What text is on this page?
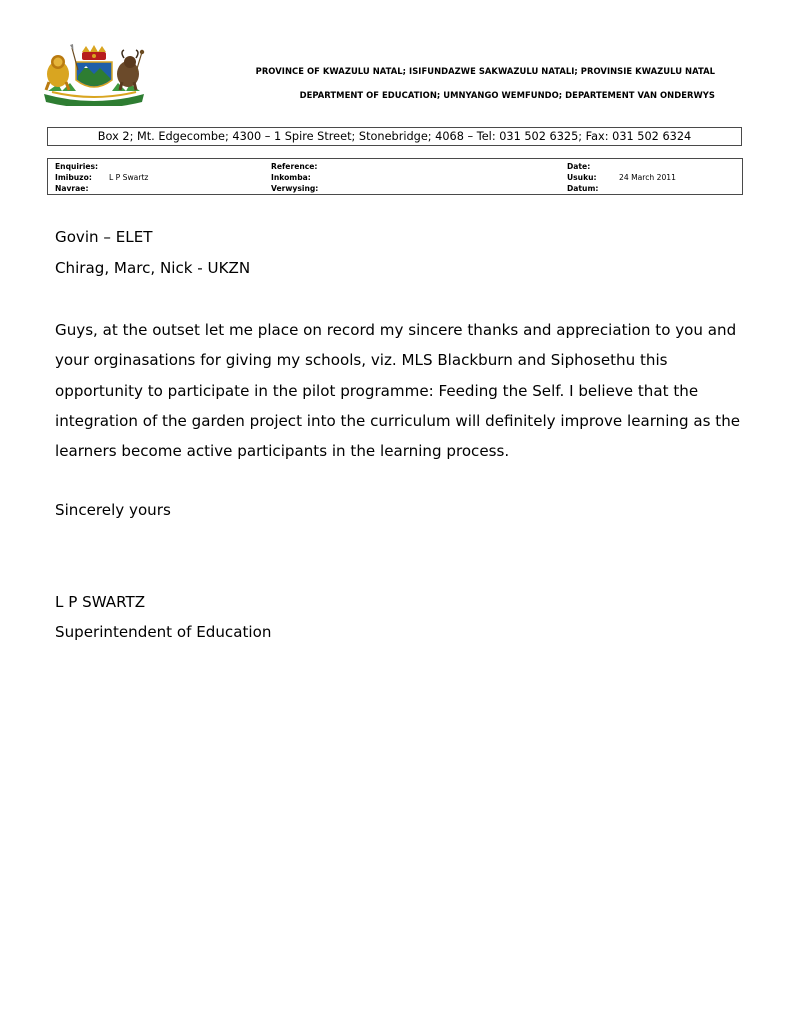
PROVINCE OF KWAZULU NATAL; ISIFUNDAZWE SAKWAZULU NATALI; PROVINSIE KWAZULU NATAL
DEPARTMENT OF EDUCATION; UMNYANGO WEMFUNDO; DEPARTEMENT VAN ONDERWYS
Box 2; Mt. Edgecombe; 4300 – 1 Spire Street; Stonebridge; 4068 – Tel: 031 502 6325; Fax: 031 502 6324
Enquiries:
Imibuzo:
Navrae:
L P Swartz
Reference:
Inkomba:
Verwysing:
Date:
Usuku:
Datum:
24 March 2011
Govin – ELET
Chirag, Marc, Nick - UKZN
Guys, at the outset let me place on record my sincere thanks and appreciation to you and
your orginasations for giving my schools, viz. MLS Blackburn and Siphosethu this
opportunity to participate in the pilot programme: Feeding the Self. I believe that the
integration of the garden project into the curriculum will definitely improve learning as the
learners become active participants in the learning process.
Sincerely yours
L P SWARTZ
Superintendent of Education
